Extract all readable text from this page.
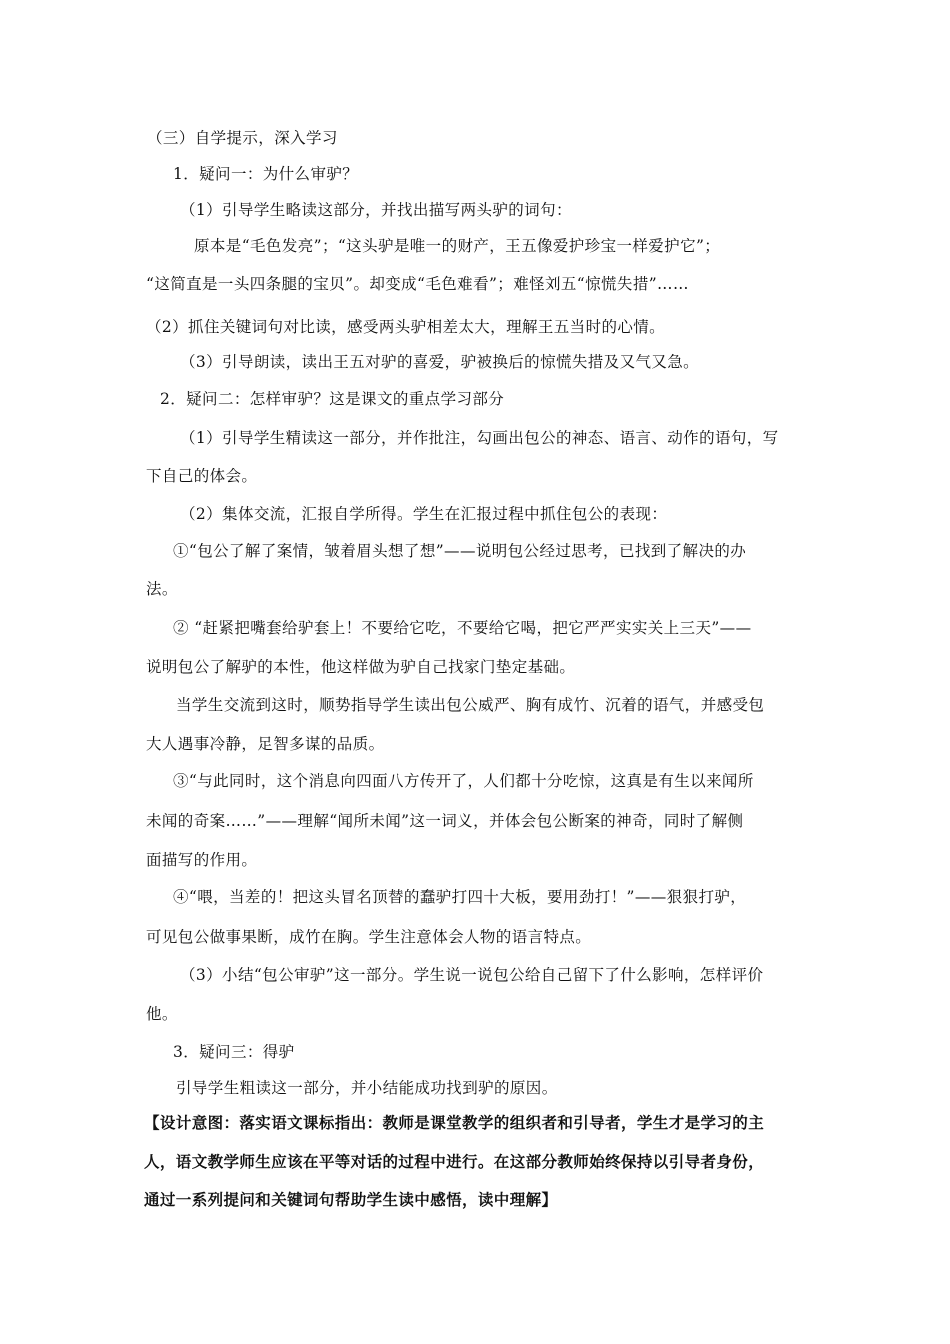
（三）自学提示，深入学习
1．疑问一：为什么审驴？
（1）引导学生略读这部分，并找出描写两头驴的词句：
原本是“毛色发亮”；“这头驴是唯一的财产，王五像爱护珍宝一样爱护它”；
“这简直是一头四条腿的宝贝”。却变成“毛色难看”；难怪刘五“惊慌失措”……
（2）抓住关键词句对比读，感受两头驴相差太大，理解王五当时的心情。
（3）引导朗读，读出王五对驴的喜爱，驴被换后的惊慌失措及又气又急。
2．疑问二：怎样审驴？这是课文的重点学习部分
（1）引导学生精读这一部分，并作批注，勾画出包公的神态、语言、动作的语句，写
下自己的体会。
（2）集体交流，汇报自学所得。学生在汇报过程中抓住包公的表现：
①“包公了解了案情，皱着眉头想了想”——说明包公经过思考，已找到了解决的办
法。
② “赶紧把嘴套给驴套上！不要给它吃，不要给它喝，把它严严实实关上三天”——
说明包公了解驴的本性，他这样做为驴自己找家门垫定基础。
当学生交流到这时，顺势指导学生读出包公威严、胸有成竹、沉着的语气，并感受包
大人遇事冷静，足智多谋的品质。
③“与此同时，这个消息向四面八方传开了，人们都十分吃惊，这真是有生以来闻所
未闻的奇案……”——理解“闻所未闻”这一词义，并体会包公断案的神奇，同时了解侧
面描写的作用。
④“喂，当差的！把这头冒名顶替的蠢驴打四十大板，要用劲打！”——狠狠打驴，
可见包公做事果断，成竹在胸。学生注意体会人物的语言特点。
（3）小结“包公审驴”这一部分。学生说一说包公给自己留下了什么影响，怎样评价
他。
3．疑问三：得驴
引导学生粗读这一部分，并小结能成功找到驴的原因。
【设计意图：落实语文课标指出：教师是课堂教学的组织者和引导者，学生才是学习的主
人，语文教学师生应该在平等对话的过程中进行。在这部分教师始终保持以引导者身份，
通过一系列提问和关键词句帮助学生读中感悟，读中理解】
